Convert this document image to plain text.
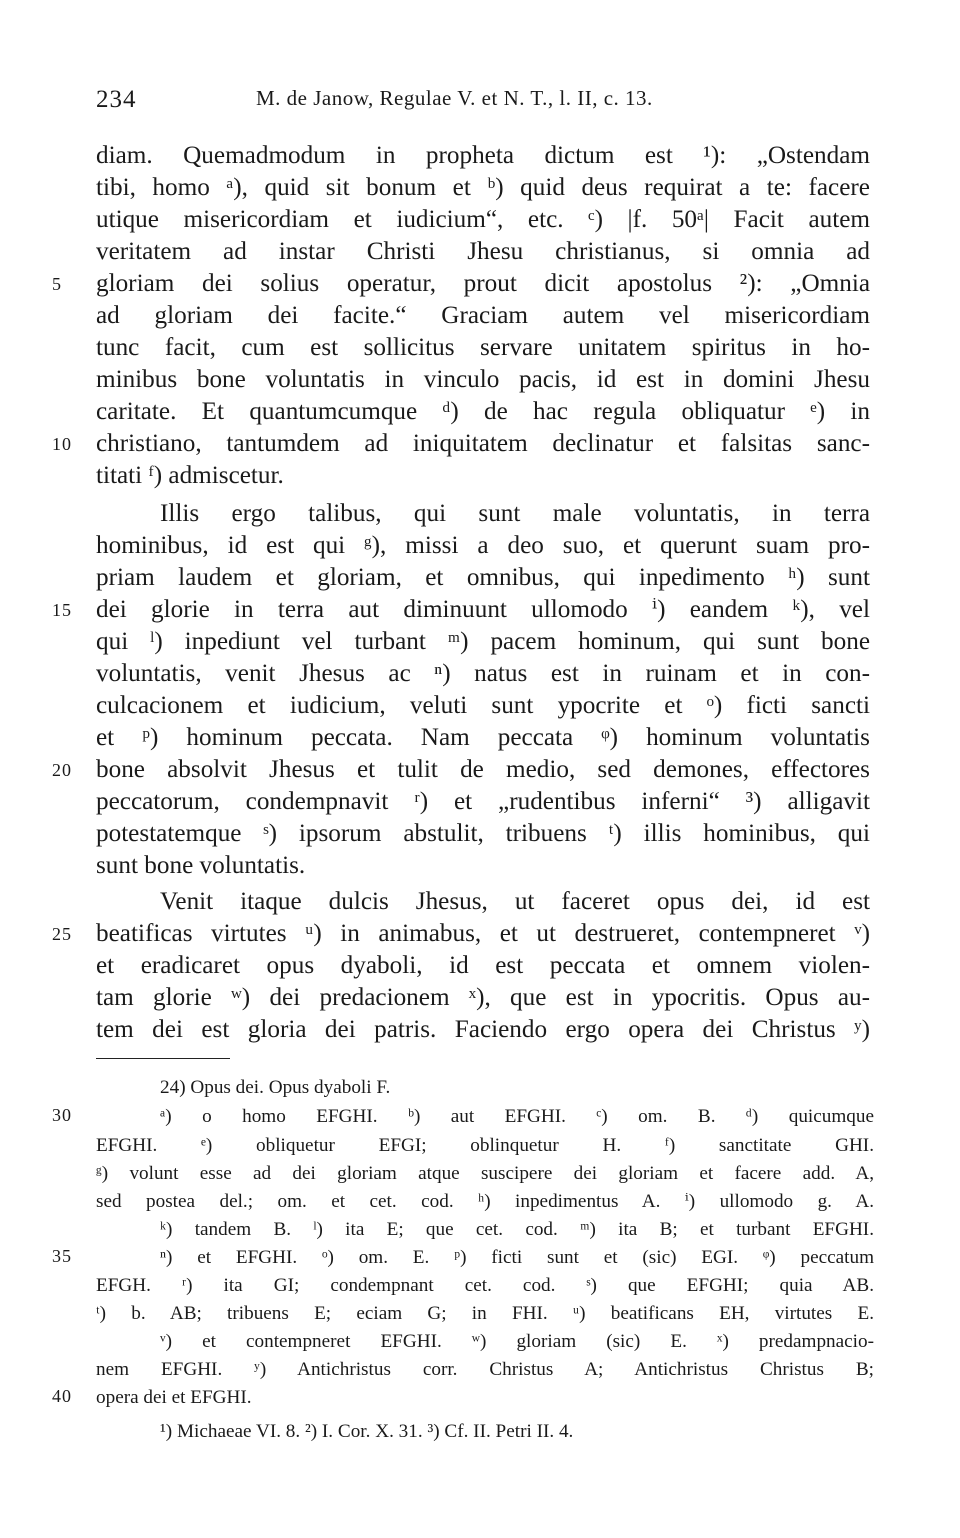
234	M. de Janow, Regulae V. et N. T., l. II, c. 13.
diam. Quemadmodum in propheta dictum est ¹): „Ostendam
tibi, homo ᵃ), quid sit bonum et ᵇ) quid deus requirat a te: facere
utique misericordiam et iudicium“, etc. ᶜ) |f. 50ᵃ| Facit autem
veritatem ad instar Christi Jhesu christianus, si omnia ad
gloriam dei solius operatur, prout dicit apostolus ²): „Omnia
ad gloriam dei facite.“ Graciam autem vel misericordiam
tunc facit, cum est sollicitus servare unitatem spiritus in ho-
minibus bone voluntatis in vinculo pacis, id est in domini Jhesu
caritate. Et quantumcumque ᵈ) de hac regula obliquatur ᵉ) in
christiano, tantumdem ad iniquitatem declinatur et falsitas sanc-
titati ᶠ) admiscetur.
Illis ergo talibus, qui sunt male voluntatis, in terra
hominibus, id est qui ᵍ), missi a deo suo, et querunt suam pro-
priam laudem et gloriam, et omnibus, qui inpedimento ʰ) sunt
dei glorie in terra aut diminuunt ullomodo ⁱ) eandem ᵏ), vel
qui ˡ) inpediunt vel turbant ᵐ) pacem hominum, qui sunt bone
voluntatis, venit Jhesus ac ⁿ) natus est in ruinam et in con-
culcacionem et iudicium, veluti sunt ypocrite et ᵒ) ficti sancti
et ᵖ) hominum peccata. Nam peccata ᵠ) hominum voluntatis
bone absolvit Jhesus et tulit de medio, sed demones, effectores
peccatorum, condempnavit ʳ) et „rudentibus inferni“ ³) alligavit
potestatemque ˢ) ipsorum abstulit, tribuens ᵗ) illis hominibus, qui
sunt bone voluntatis.
Venit itaque dulcis Jhesus, ut faceret opus dei, id est
beatificas virtutes ᵘ) in animabus, et ut destrueret, contempneret ᵛ)
et eradicaret opus dyaboli, id est peccata et omnem violen-
tam glorie ʷ) dei predacionem ˣ), que est in ypocritis. Opus au-
tem dei est gloria dei patris. Faciendo ergo opera dei Christus ʸ)
5
10
15
20
25
24) Opus dei. Opus dyaboli F.
ᵃ) o homo EFGHI. ᵇ) aut EFGHI. ᶜ) om. B. ᵈ) quicumque
EFGHI. ᵉ) obliquetur EFGI; oblinquetur H. ᶠ) sanctitate GHI.
ᵍ) volunt esse ad dei gloriam atque suscipere dei gloriam et facere add. A,
sed postea del.; om. et cet. cod. ʰ) inpedimentus A. ⁱ) ullomodo g. A.
ᵏ) tandem B. ˡ) ita E; que cet. cod. ᵐ) ita B; et turbant EFGHI.
ⁿ) et EFGHI. ᵒ) om. E. ᵖ) ficti sunt et (sic) EGI. ᵠ) peccatum
EFGH. ʳ) ita GI; condempnant cet. cod. ˢ) que EFGHI; quia AB.
ᵗ) b. AB; tribuens E; eciam G; in FHI. ᵘ) beatificans EH, virtutes E.
ᵛ) et contempneret EFGHI. ʷ) gloriam (sic) E. ˣ) predampnacio-
nem EFGHI. ʸ) Antichristus corr. Christus A; Antichristus Christus B;
opera dei et EFGHI.
¹) Michaeae VI. 8. ²) I. Cor. X. 31. ³) Cf. II. Petri II. 4.
30
35
40
